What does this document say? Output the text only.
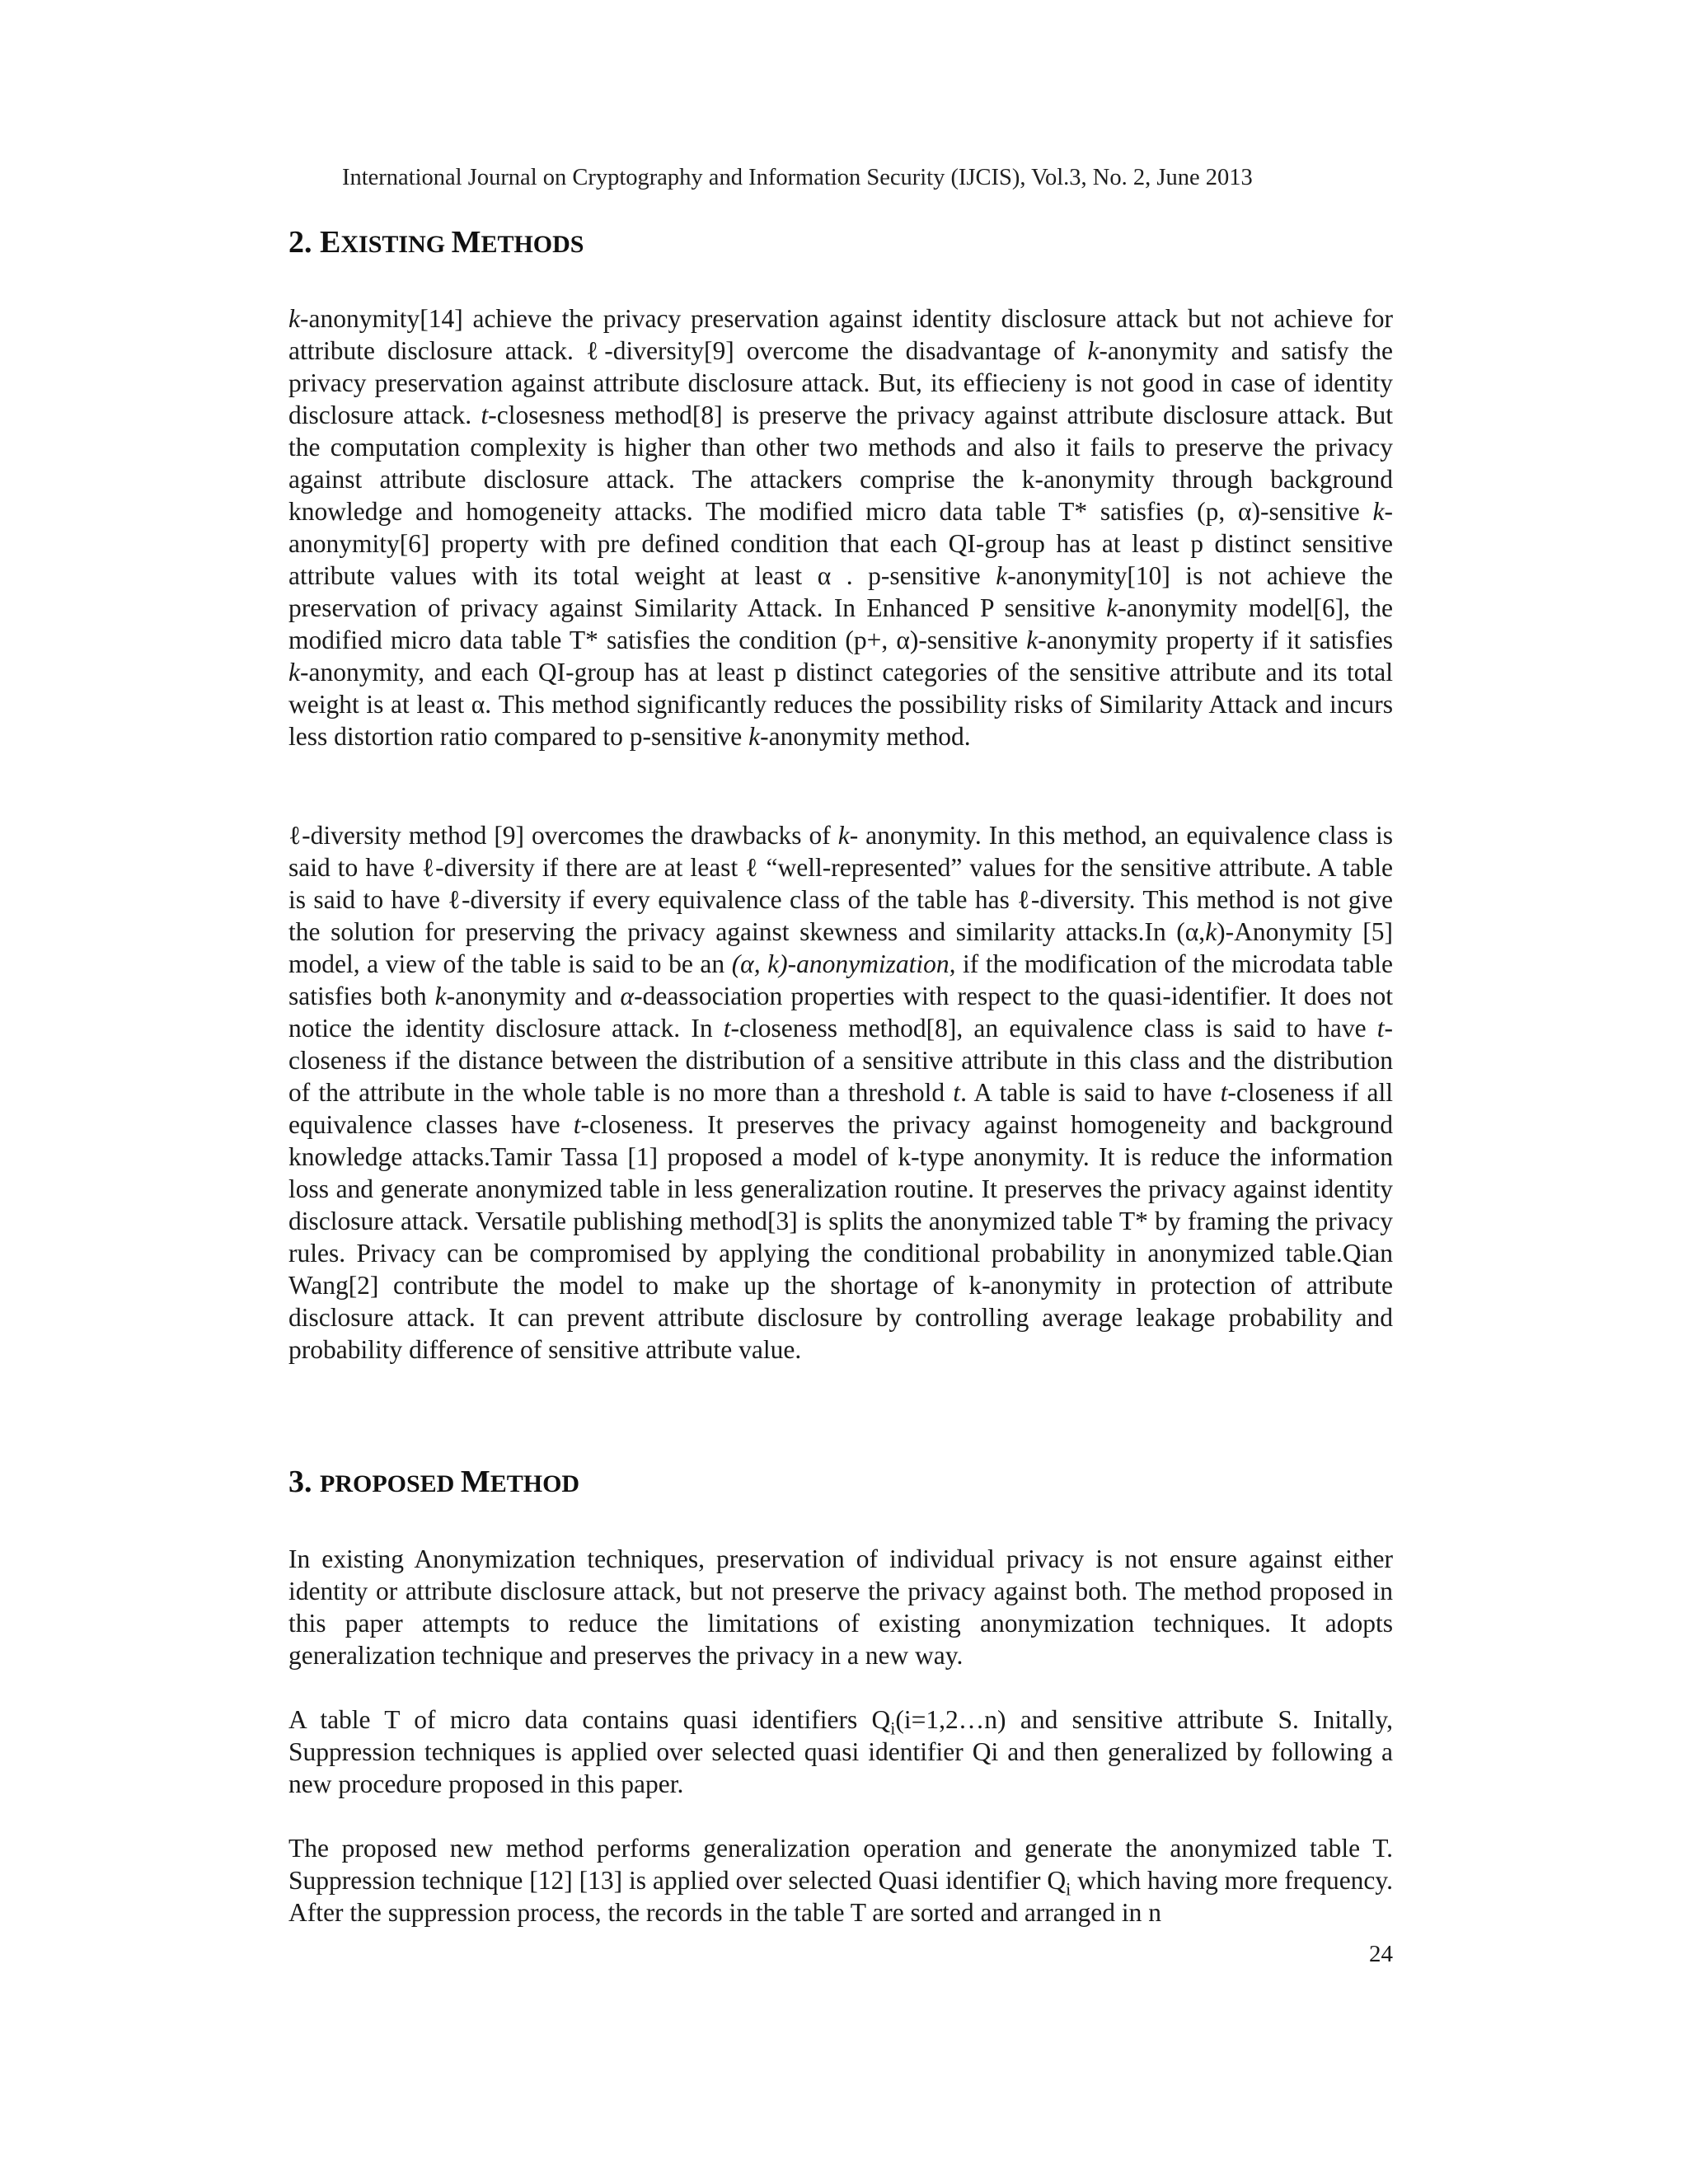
International Journal on Cryptography and Information Security (IJCIS), Vol.3, No. 2, June 2013
2. EXISTING METHODS

k-anonymity[14] achieve the privacy preservation against identity disclosure attack but not achieve for attribute disclosure attack. ℓ-diversity[9] overcome the disadvantage of k-anonymity and satisfy the privacy preservation against attribute disclosure attack. But, its effiecieny is not good in case of identity disclosure attack. t-closesness method[8] is preserve the privacy against attribute disclosure attack. But the computation complexity is higher than other two methods and also it fails to preserve the privacy against attribute disclosure attack. The attackers comprise the k-anonymity through background knowledge and homogeneity attacks. The modified micro data table T* satisfies (p, α)-sensitive k-anonymity[6] property with pre defined condition that each QI-group has at least p distinct sensitive attribute values with its total weight at least α . p-sensitive k-anonymity[10] is not achieve the preservation of privacy against Similarity Attack. In Enhanced P sensitive k-anonymity model[6], the modified micro data table T* satisfies the condition (p+, α)-sensitive k-anonymity property if it satisfies k-anonymity, and each QI-group has at least p distinct categories of the sensitive attribute and its total weight is at least α. This method significantly reduces the possibility risks of Similarity Attack and incurs less distortion ratio compared to p-sensitive k-anonymity method.

ℓ-diversity method [9] overcomes the drawbacks of k- anonymity. In this method, an equivalence class is said to have ℓ-diversity if there are at least ℓ “well-represented” values for the sensitive attribute. A table is said to have ℓ-diversity if every equivalence class of the table has ℓ-diversity. This method is not give the solution for preserving the privacy against skewness and similarity attacks.In (α,k)-Anonymity [5] model, a view of the table is said to be an (α, k)-anonymization, if the modification of the microdata table satisfies both k-anonymity and α-deassociation properties with respect to the quasi-identifier. It does not notice the identity disclosure attack. In t-closeness method[8], an equivalence class is said to have t-closeness if the distance between the distribution of a sensitive attribute in this class and the distribution of the attribute in the whole table is no more than a threshold t. A table is said to have t-closeness if all equivalence classes have t-closeness. It preserves the privacy against homogeneity and background knowledge attacks.Tamir Tassa [1] proposed a model of k-type anonymity. It is reduce the information loss and generate anonymized table in less generalization routine. It preserves the privacy against identity disclosure attack. Versatile publishing method[3] is splits the anonymized table T* by framing the privacy rules. Privacy can be compromised by applying the conditional probability in anonymized table.Qian Wang[2] contribute the model to make up the shortage of k-anonymity in protection of attribute disclosure attack. It can prevent attribute disclosure by controlling average leakage probability and probability difference of sensitive attribute value.

3. PROPOSED METHOD

In existing Anonymization techniques, preservation of individual privacy is not ensure against either identity or attribute disclosure attack, but not preserve the privacy against both. The method proposed in this paper attempts to reduce the limitations of existing anonymization techniques. It adopts generalization technique and preserves the privacy in a new way.

A table T of micro data contains quasi identifiers $Q_i(i=1,2\dots n)$ and sensitive attribute S. Initally, Suppression techniques is applied over selected quasi identifier Qi and then generalized by following a new procedure proposed in this paper.

The proposed new method performs generalization operation and generate the anonymized table T. Suppression technique [12] [13] is applied over selected Quasi identifier $Q_i$ which having more frequency. After the suppression process, the records in the table T are sorted and arranged in n

24
